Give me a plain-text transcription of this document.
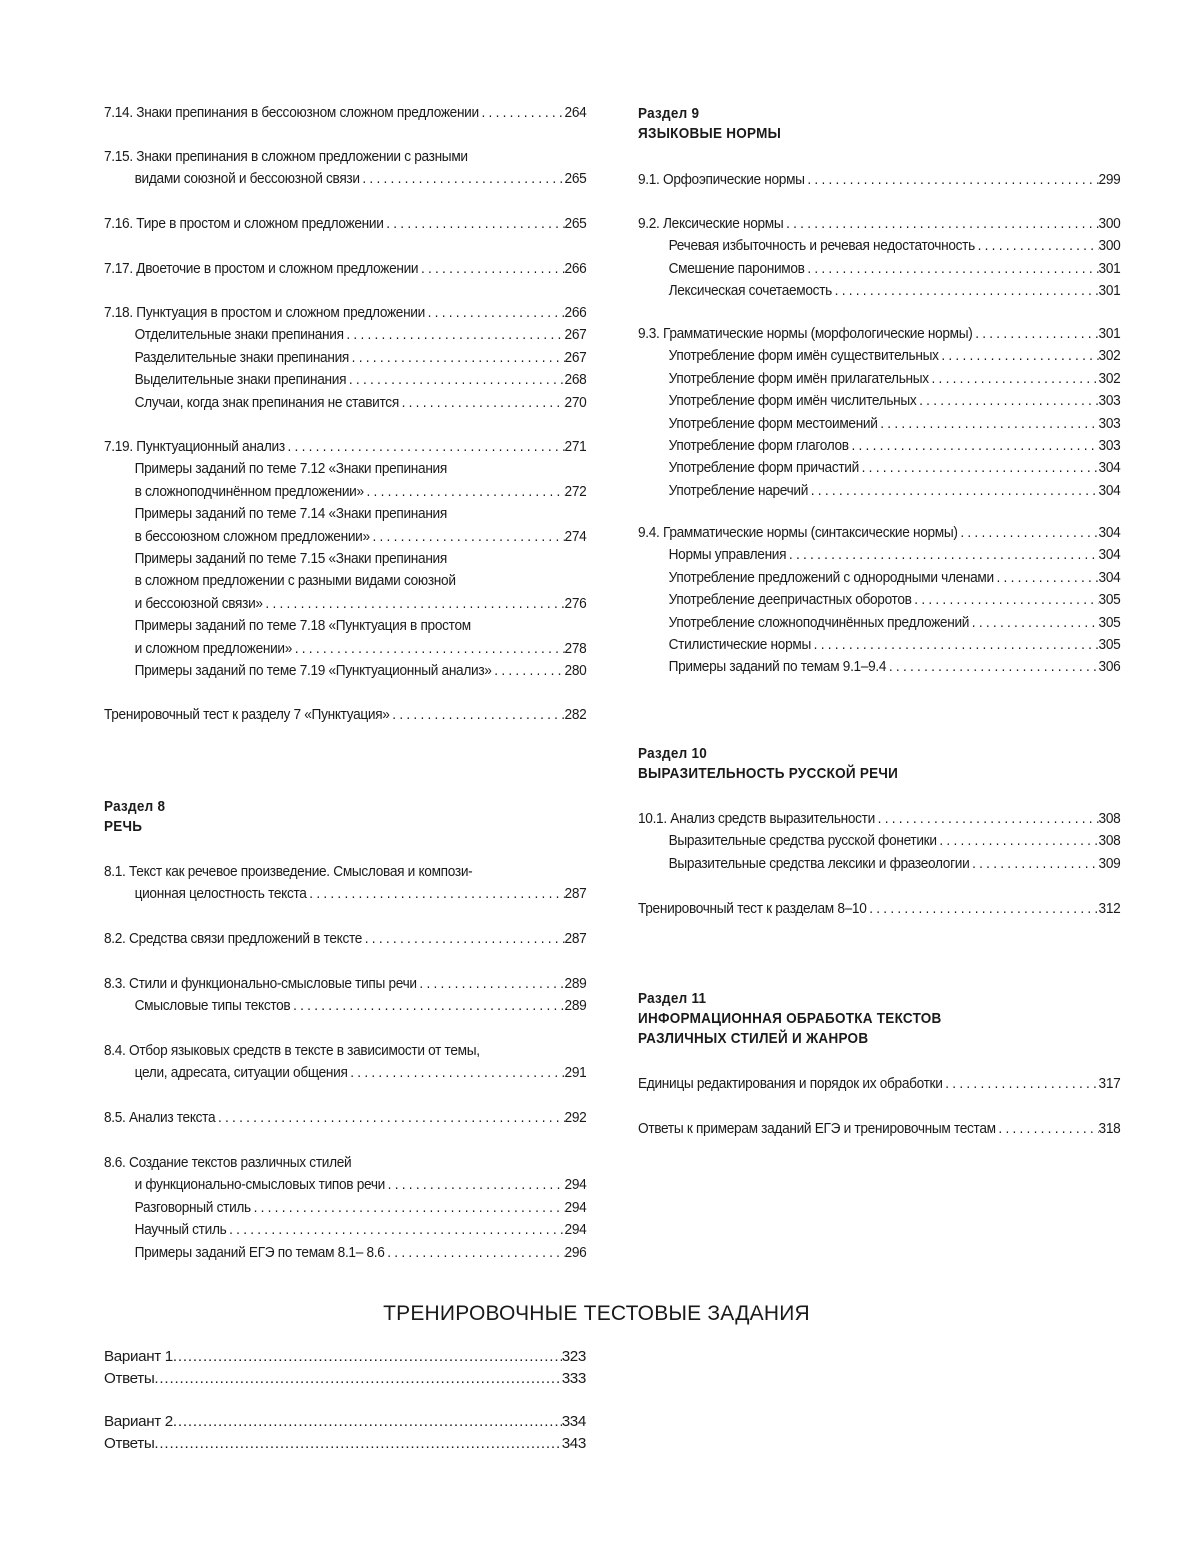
7.14. Знаки препинания в бессоюзном сложном предложении .....	264
7.15. Знаки препинания в сложном предложении с разными
видами союзной и бессоюзной связи .....	265
7.16. Тире в простом и сложном предложении .....	265
7.17. Двоеточие в простом и сложном предложении .....	266
7.18. Пунктуация в простом и сложном предложении .....	266
Отделительные знаки препинания .....	267
Разделительные знаки препинания .....	267
Выделительные знаки препинания .....	268
Случаи, когда знак препинания не ставится .....	270
7.19. Пунктуационный анализ .....	271
Примеры заданий по теме 7.12 «Знаки препинания
в сложноподчинённом предложении» .....	272
Примеры заданий по теме 7.14 «Знаки препинания
в бессоюзном сложном предложении» .....	274
Примеры заданий по теме 7.15 «Знаки препинания
в сложном предложении с разными видами союзной
и бессоюзной связи» .....	276
Примеры заданий по теме 7.18 «Пунктуация в простом
и сложном предложении» .....	278
Примеры заданий по теме 7.19 «Пунктуационный анализ» .....	280
Тренировочный тест к разделу 7 «Пунктуация» .....	282
Раздел 8
РЕЧЬ
8.1. Текст как речевое произведение. Смысловая и компози-
ционная целостность текста .....	287
8.2. Средства связи предложений в тексте .....	287
8.3. Стили и функционально-смысловые типы речи .....	289
Смысловые типы текстов .....	289
8.4. Отбор языковых средств в тексте в зависимости от темы,
цели, адресата, ситуации общения .....	291
8.5. Анализ текста .....	292
8.6. Создание текстов различных стилей
и функционально-смысловых типов речи .....	294
Разговорный стиль .....	294
Научный стиль .....	294
Примеры заданий ЕГЭ по темам 8.1– 8.6 .....	296
Раздел 9
ЯЗЫКОВЫЕ НОРМЫ
9.1. Орфоэпические нормы .....	299
9.2. Лексические нормы .....	300
Речевая избыточность и речевая недостаточность .....	300
Смешение паронимов .....	301
Лексическая сочетаемость .....	301
9.3. Грамматические нормы (морфологические нормы) .....	301
Употребление форм имён существительных .....	302
Употребление форм имён прилагательных .....	302
Употребление форм имён числительных .....	303
Употребление форм местоимений .....	303
Употребление форм глаголов .....	303
Употребление форм причастий .....	304
Употребление наречий .....	304
9.4. Грамматические нормы (синтаксические нормы) .....	304
Нормы управления .....	304
Употребление предложений с однородными членами .....	304
Употребление деепричастных оборотов .....	305
Употребление сложноподчинённых предложений .....	305
Стилистические нормы .....	305
Примеры заданий по темам 9.1–9.4 .....	306
Раздел 10
ВЫРАЗИТЕЛЬНОСТЬ РУССКОЙ РЕЧИ
10.1. Анализ средств выразительности .....	308
Выразительные средства русской фонетики .....	308
Выразительные средства лексики и фразеологии .....	309
Тренировочный тест к разделам 8–10 .....	312
Раздел 11
ИНФОРМАЦИОННАЯ ОБРАБОТКА ТЕКСТОВ
РАЗЛИЧНЫХ СТИЛЕЙ И ЖАНРОВ
Единицы редактирования и порядок их обработки .....	317
Ответы к примерам заданий ЕГЭ и тренировочным тестам .....	318
ТРЕНИРОВОЧНЫЕ ТЕСТОВЫЕ ЗАДАНИЯ
Вариант 1 .....	323
Ответы .....	333
Вариант 2 .....	334
Ответы .....	343
